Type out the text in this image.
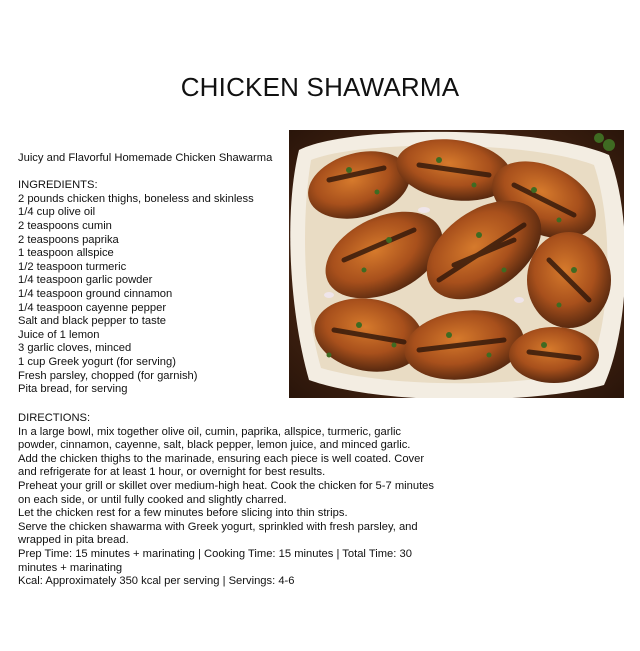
CHICKEN SHAWARMA
Juicy and Flavorful Homemade Chicken Shawarma
INGREDIENTS:
2 pounds chicken thighs, boneless and skinless
1/4 cup olive oil
2 teaspoons cumin
2 teaspoons paprika
1 teaspoon allspice
1/2 teaspoon turmeric
1/4 teaspoon garlic powder
1/4 teaspoon ground cinnamon
1/4 teaspoon cayenne pepper
Salt and black pepper to taste
Juice of 1 lemon
3 garlic cloves, minced
1 cup Greek yogurt (for serving)
Fresh parsley, chopped (for garnish)
Pita bread, for serving
DIRECTIONS:
In a large bowl, mix together olive oil, cumin, paprika, allspice, turmeric, garlic powder, cinnamon, cayenne, salt, black pepper, lemon juice, and minced garlic.
Add the chicken thighs to the marinade, ensuring each piece is well coated. Cover and refrigerate for at least 1 hour, or overnight for best results.
Preheat your grill or skillet over medium-high heat. Cook the chicken for 5-7 minutes on each side, or until fully cooked and slightly charred.
Let the chicken rest for a few minutes before slicing into thin strips.
Serve the chicken shawarma with Greek yogurt, sprinkled with fresh parsley, and wrapped in pita bread.
Prep Time: 15 minutes + marinating | Cooking Time: 15 minutes | Total Time: 30 minutes + marinating
Kcal: Approximately 350 kcal per serving | Servings: 4-6
